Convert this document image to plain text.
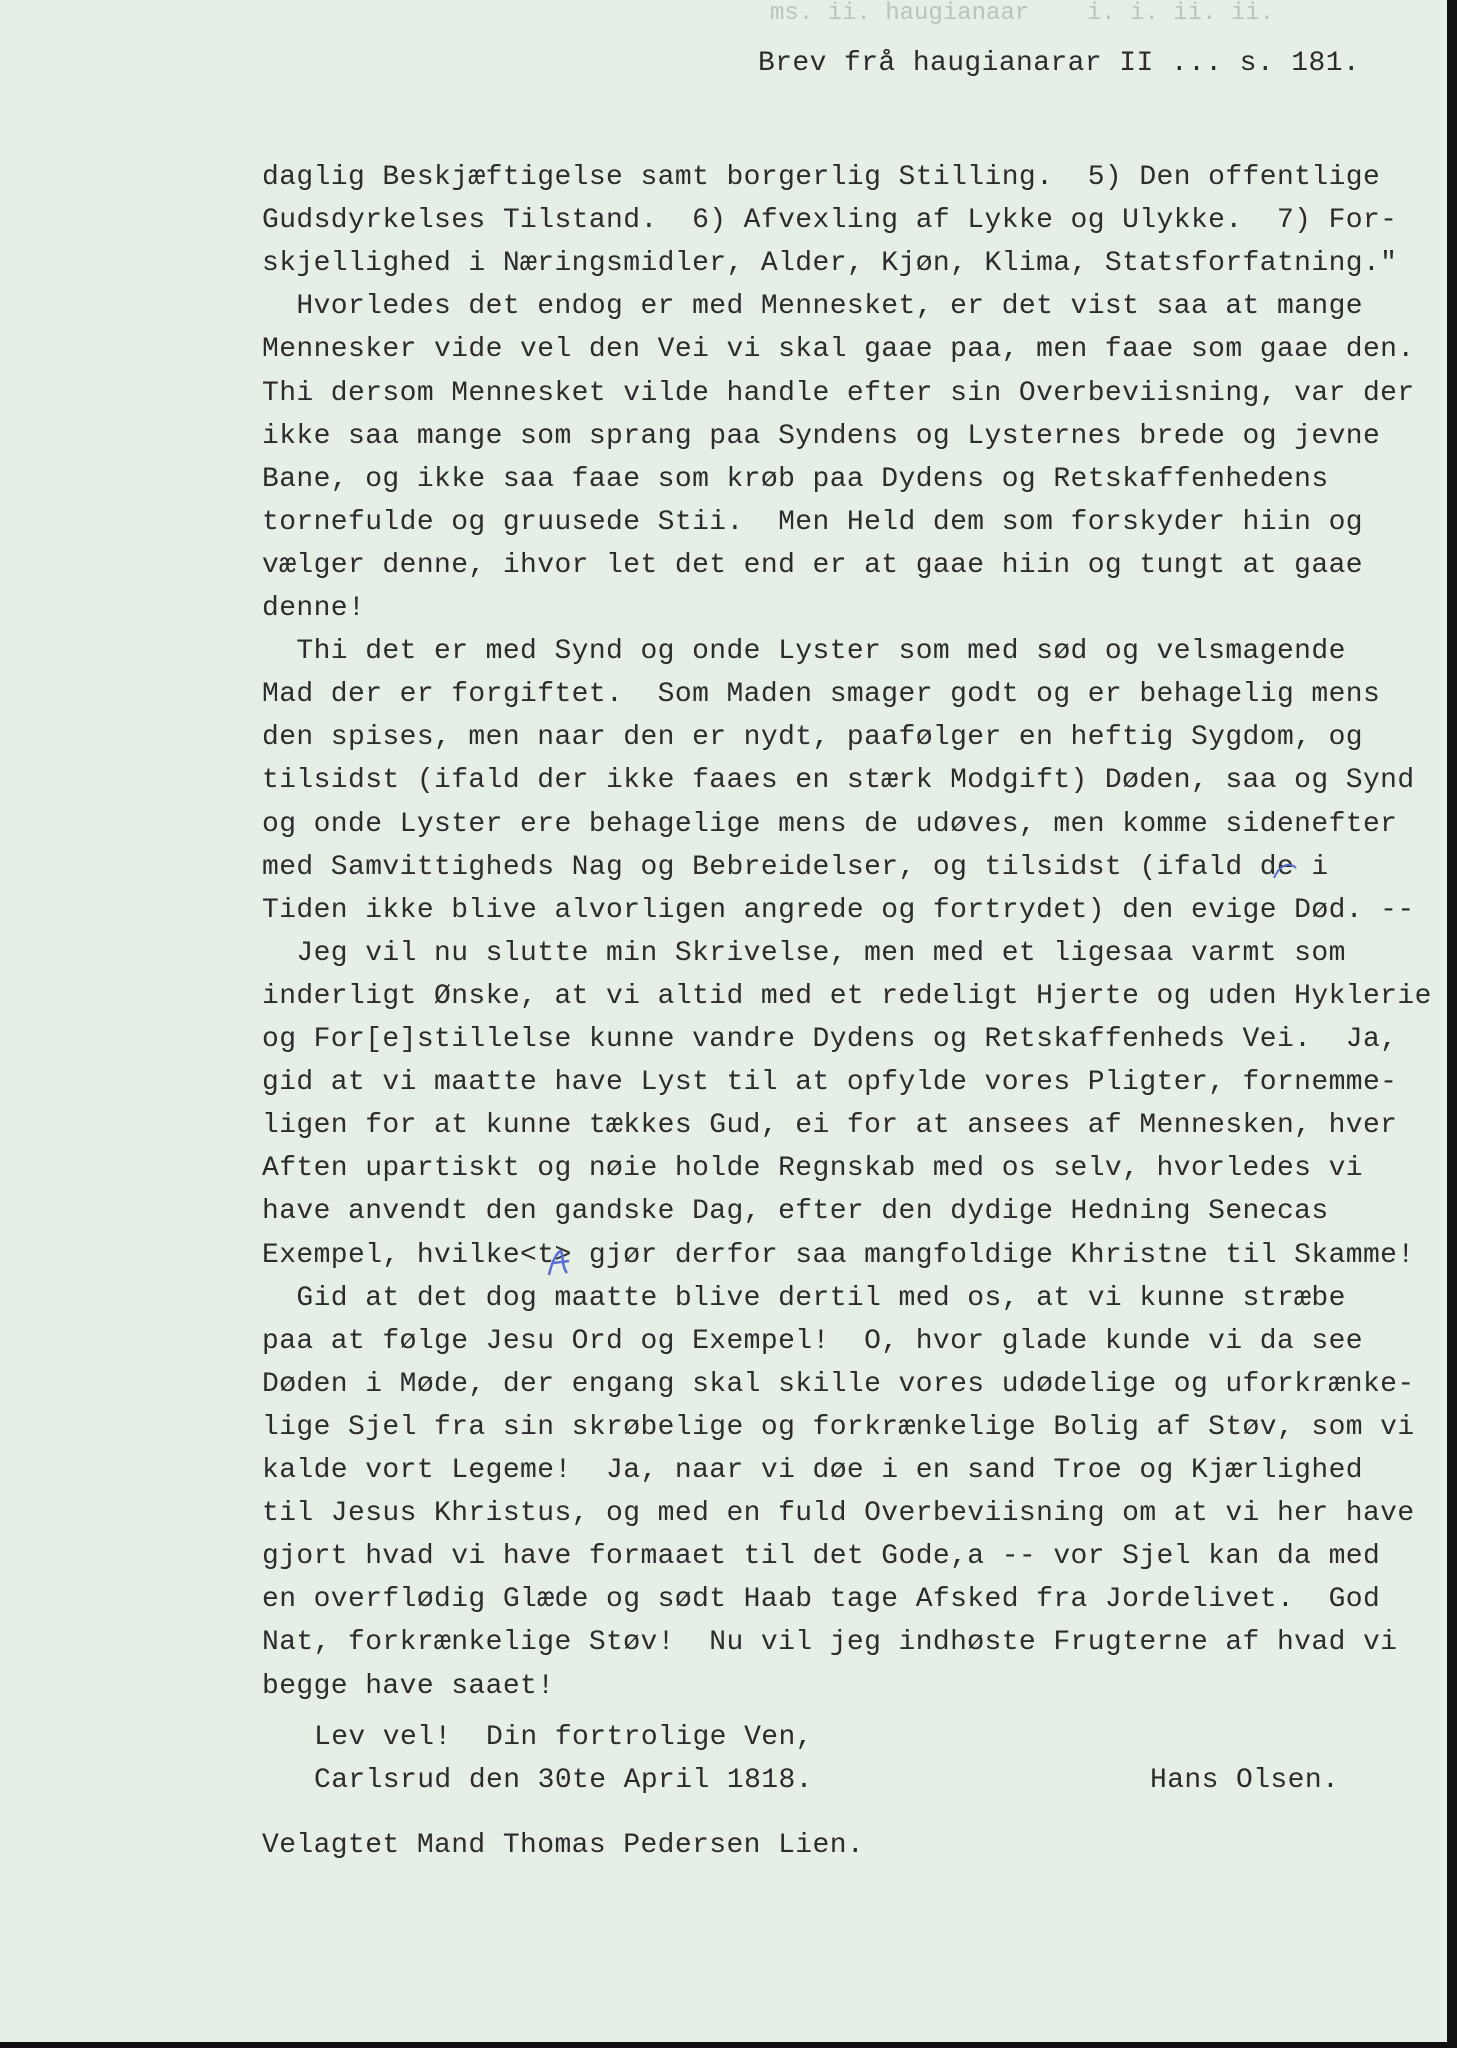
ms. ii. haugianaar    i. i. ii. ii.
Brev frå haugianarar II ... s. 181.
daglig Beskjæftigelse samt borgerlig Stilling.  5) Den offentlige
Gudsdyrkelses Tilstand.  6) Afvexling af Lykke og Ulykke.  7) For-
skjellighed i Næringsmidler, Alder, Kjøn, Klima, Statsforfatning."
Hvorledes det endog er med Mennesket, er det vist saa at mange
Mennesker vide vel den Vei vi skal gaae paa, men faae som gaae den.
Thi dersom Mennesket vilde handle efter sin Overbeviisning, var der
ikke saa mange som sprang paa Syndens og Lysternes brede og jevne
Bane, og ikke saa faae som krøb paa Dydens og Retskaffenhedens
tornefulde og gruusede Stii.  Men Held dem som forskyder hiin og
vælger denne, ihvor let det end er at gaae hiin og tungt at gaae
denne!
Thi det er med Synd og onde Lyster som med sød og velsmagende
Mad der er forgiftet.  Som Maden smager godt og er behagelig mens
den spises, men naar den er nydt, paafølger en heftig Sygdom, og
tilsidst (ifald der ikke faaes en stærk Modgift) Døden, saa og Synd
og onde Lyster ere behagelige mens de udøves, men komme sidenefter
med Samvittigheds Nag og Bebreidelser, og tilsidst (ifald de i
Tiden ikke blive alvorligen angrede og fortrydet) den evige Død. --
Jeg vil nu slutte min Skrivelse, men med et ligesaa varmt som
inderligt Ønske, at vi altid med et redeligt Hjerte og uden Hyklerie
og For[e]stillelse kunne vandre Dydens og Retskaffenheds Vei.  Ja,
gid at vi maatte have Lyst til at opfylde vores Pligter, fornemme-
ligen for at kunne tækkes Gud, ei for at ansees af Mennesken, hver
Aften upartiskt og nøie holde Regnskab med os selv, hvorledes vi
have anvendt den gandske Dag, efter den dydige Hedning Senecas
Exempel, hvilke<t> gjør derfor saa mangfoldige Khristne til Skamme!
Gid at det dog maatte blive dertil med os, at vi kunne stræbe
paa at følge Jesu Ord og Exempel!  O, hvor glade kunde vi da see
Døden i Møde, der engang skal skille vores udødelige og uforkrænke-
lige Sjel fra sin skrøbelige og forkrænkelige Bolig af Støv, som vi
kalde vort Legeme!  Ja, naar vi døe i en sand Troe og Kjærlighed
til Jesus Khristus, og med en fuld Overbeviisning om at vi her have
gjort hvad vi have formaaet til det Gode,a -- vor Sjel kan da med
en overflødig Glæde og sødt Haab tage Afsked fra Jordelivet.  God
Nat, forkrænkelige Støv!  Nu vil jeg indhøste Frugterne af hvad vi
begge have saaet!
Lev vel!  Din fortrolige Ven,
Carlsrud den 30te April 1818.	Hans Olsen.
Velagtet Mand Thomas Pedersen Lien.
